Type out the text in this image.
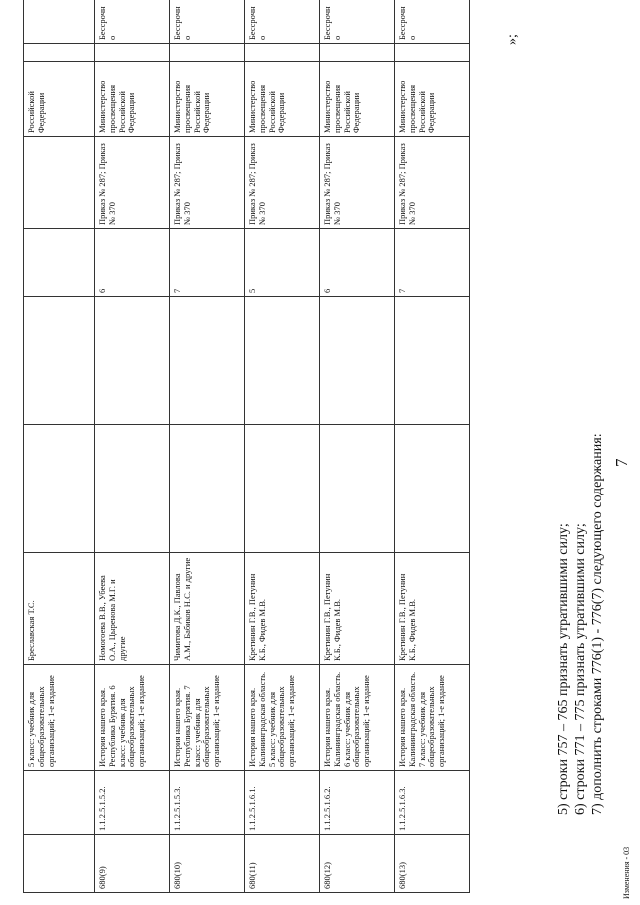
7
		5 класс: учебник для общеобразовательных организаций; 1-е издание	Бреславская Т.С.					Российской Федерации		
680(9)	1.1.2.5.1.5.2.	История нашего края. Республика Бурятия. 6 класс: учебник для общеобразовательных организаций; 1-е издание	Номогоева В.В., Убеева О.А., Цыренова М.Г. и другие			6	Приказ № 287; Приказ № 370	Министерство просвещения Российской Федерации		Бессрочно
680(10)	1.1.2.5.1.5.3.	История нашего края. Республика Бурятия. 7 класс: учебник для общеобразовательных организаций; 1-е издание	Чимитова Д.К., Павлова А.М., Бабиков Н.С. и другие			7	Приказ № 287; Приказ № 370	Министерство просвещения Российской Федерации		Бессрочно
680(11)	1.1.2.5.1.6.1.	История нашего края. Калининградская область. 5 класс: учебник для общеобразовательных организаций; 1-е издание	Кретинин Г.В., Петунин К.Б., Фидев М.В.			5	Приказ № 287; Приказ № 370	Министерство просвещения Российской Федерации		Бессрочно
680(12)	1.1.2.5.1.6.2.	История нашего края. Калининградская область. 6 класс: учебник для общеобразовательных организаций; 1-е издание	Кретинин Г.В., Петунин К.Б., Фидев М.В.			6	Приказ № 287; Приказ № 370	Министерство просвещения Российской Федерации		Бессрочно
680(13)	1.1.2.5.1.6.3.	История нашего края. Калининградская область. 7 класс: учебник для общеобразовательных организаций; 1-е издание	Кретинин Г.В., Петунин К.Б., Фидев М.В.			7	Приказ № 287; Приказ № 370	Министерство просвещения Российской Федерации		Бессрочно	»;
5) строки 757 – 765 признать утратившими силу; 6) строки 771 – 775 признать утратившими силу; 7) дополнить строками 776(1) - 776(7) следующего содержания:
Изменения - 03
